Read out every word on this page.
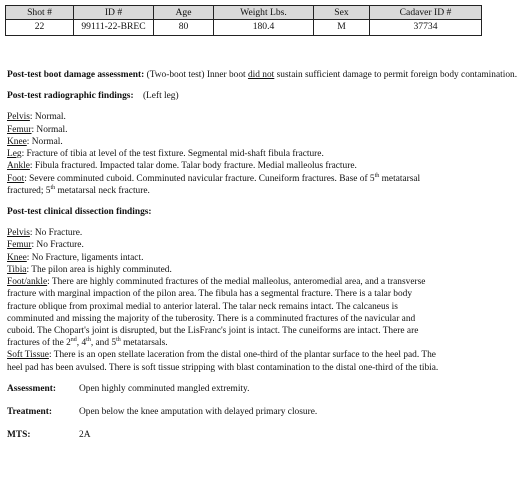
Shot #	ID #	Age	Weight Lbs.	Sex	Cadaver ID #
22	99111-22-BREC	80	180.4	M	37734

Post-test boot damage assessment: (Two-boot test) Inner boot did not sustain sufficient damage to permit foreign body contamination.

Post-test radiographic findings: (Left leg)

Pelvis: Normal.

Femur: Normal.

Knee: Normal.

Leg: Fracture of tibia at level of the test fixture. Segmental mid-shaft fibula fracture.

Ankle: Fibula fractured. Impacted talar dome. Talar body fracture. Medial malleolus fracture.

Foot: Severe comminuted cuboid. Comminuted navicular fracture. Cuneiform fractures. Base of 5th metatarsal

fractured; 5th metatarsal neck fracture.

Post-test clinical dissection findings:

Pelvis: No Fracture.

Femur: No Fracture.

Knee: No Fracture, ligaments intact.

Tibia: The pilon area is highly comminuted.

Foot/ankle: There are highly comminuted fractures of the medial malleolus, anteromedial area, and a transverse

fracture with marginal impaction of the pilon area. The fibula has a segmental fracture. There is a talar body

fracture oblique from proximal medial to anterior lateral. The talar neck remains intact. The calcaneus is

comminuted and missing the majority of the tuberosity. There is a comminuted fractures of the navicular and

cuboid. The Chopart's joint is disrupted, but the LisFranc's joint is intact. The cuneiforms are intact. There are

fractures of the 2nd, 4th, and 5th metatarsals.

Soft Tissue: There is an open stellate laceration from the distal one-third of the plantar surface to the heel pad. The

heel pad has been avulsed. There is soft tissue stripping with blast contamination to the distal one-third of the tibia.

Assessment:	Open highly comminuted mangled extremity.
Treatment:	Open below the knee amputation with delayed primary closure.
MTS:	2A
